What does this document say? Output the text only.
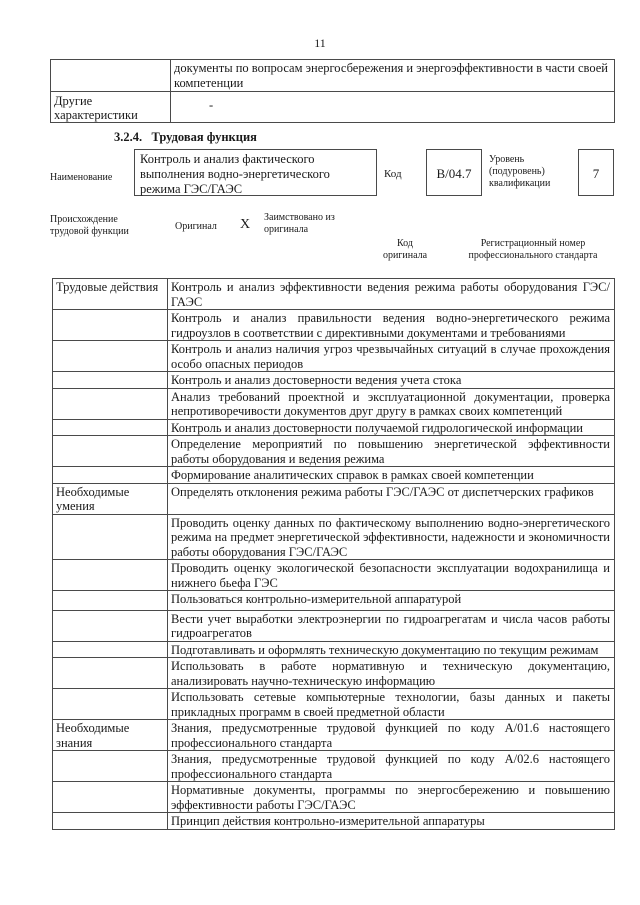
11
	документы по вопросам энергосбережения и энергоэффективности в части своей компетенции
Другие характеристики	-
3.2.4. Трудовая функция
Наименование
Контроль и анализ фактического выполнения водно-энергетического режима ГЭС/ГАЭС
Код	B/04.7
Уровень (подуровень) квалификации
7
Происхождение трудовой функции	Оригинал X Заимствовано из оригинала
Код оригинала
Регистрационный номер профессионального стандарта
Трудовые действия	Контроль и анализ эффективности ведения режима работы оборудования ГЭС/ГАЭС
	Контроль и анализ правильности ведения водно-энергетического режима гидроузлов в соответствии с директивными документами и требованиями
	Контроль и анализ наличия угроз чрезвычайных ситуаций в случае прохождения особо опасных периодов
	Контроль и анализ достоверности ведения учета стока
	Анализ требований проектной и эксплуатационной документации, проверка непротиворечивости документов друг другу в рамках своих компетенций
	Контроль и анализ достоверности получаемой гидрологической информации
	Определение мероприятий по повышению энергетической эффективности работы оборудования и ведения режима
	Формирование аналитических справок в рамках своей компетенции
Необходимые умения	Определять отклонения режима работы ГЭС/ГАЭС от диспетчерских графиков
	Проводить оценку данных по фактическому выполнению водно-энергетического режима на предмет энергетической эффективности, надежности и экономичности работы оборудования ГЭС/ГАЭС
	Проводить оценку экологической безопасности эксплуатации водохранилища и нижнего бьефа ГЭС
	Пользоваться контрольно-измерительной аппаратурой
	Вести учет выработки электроэнергии по гидроагрегатам и числа часов работы гидроагрегатов
	Подготавливать и оформлять техническую документацию по текущим режимам
	Использовать в работе нормативную и техническую документацию, анализировать научно-техническую информацию
	Использовать сетевые компьютерные технологии, базы данных и пакеты прикладных программ в своей предметной области
Необходимые знания	Знания, предусмотренные трудовой функцией по коду A/01.6 настоящего профессионального стандарта
	Знания, предусмотренные трудовой функцией по коду A/02.6 настоящего профессионального стандарта
	Нормативные документы, программы по энергосбережению и повышению эффективности работы ГЭС/ГАЭС
	Принцип действия контрольно-измерительной аппаратуры
